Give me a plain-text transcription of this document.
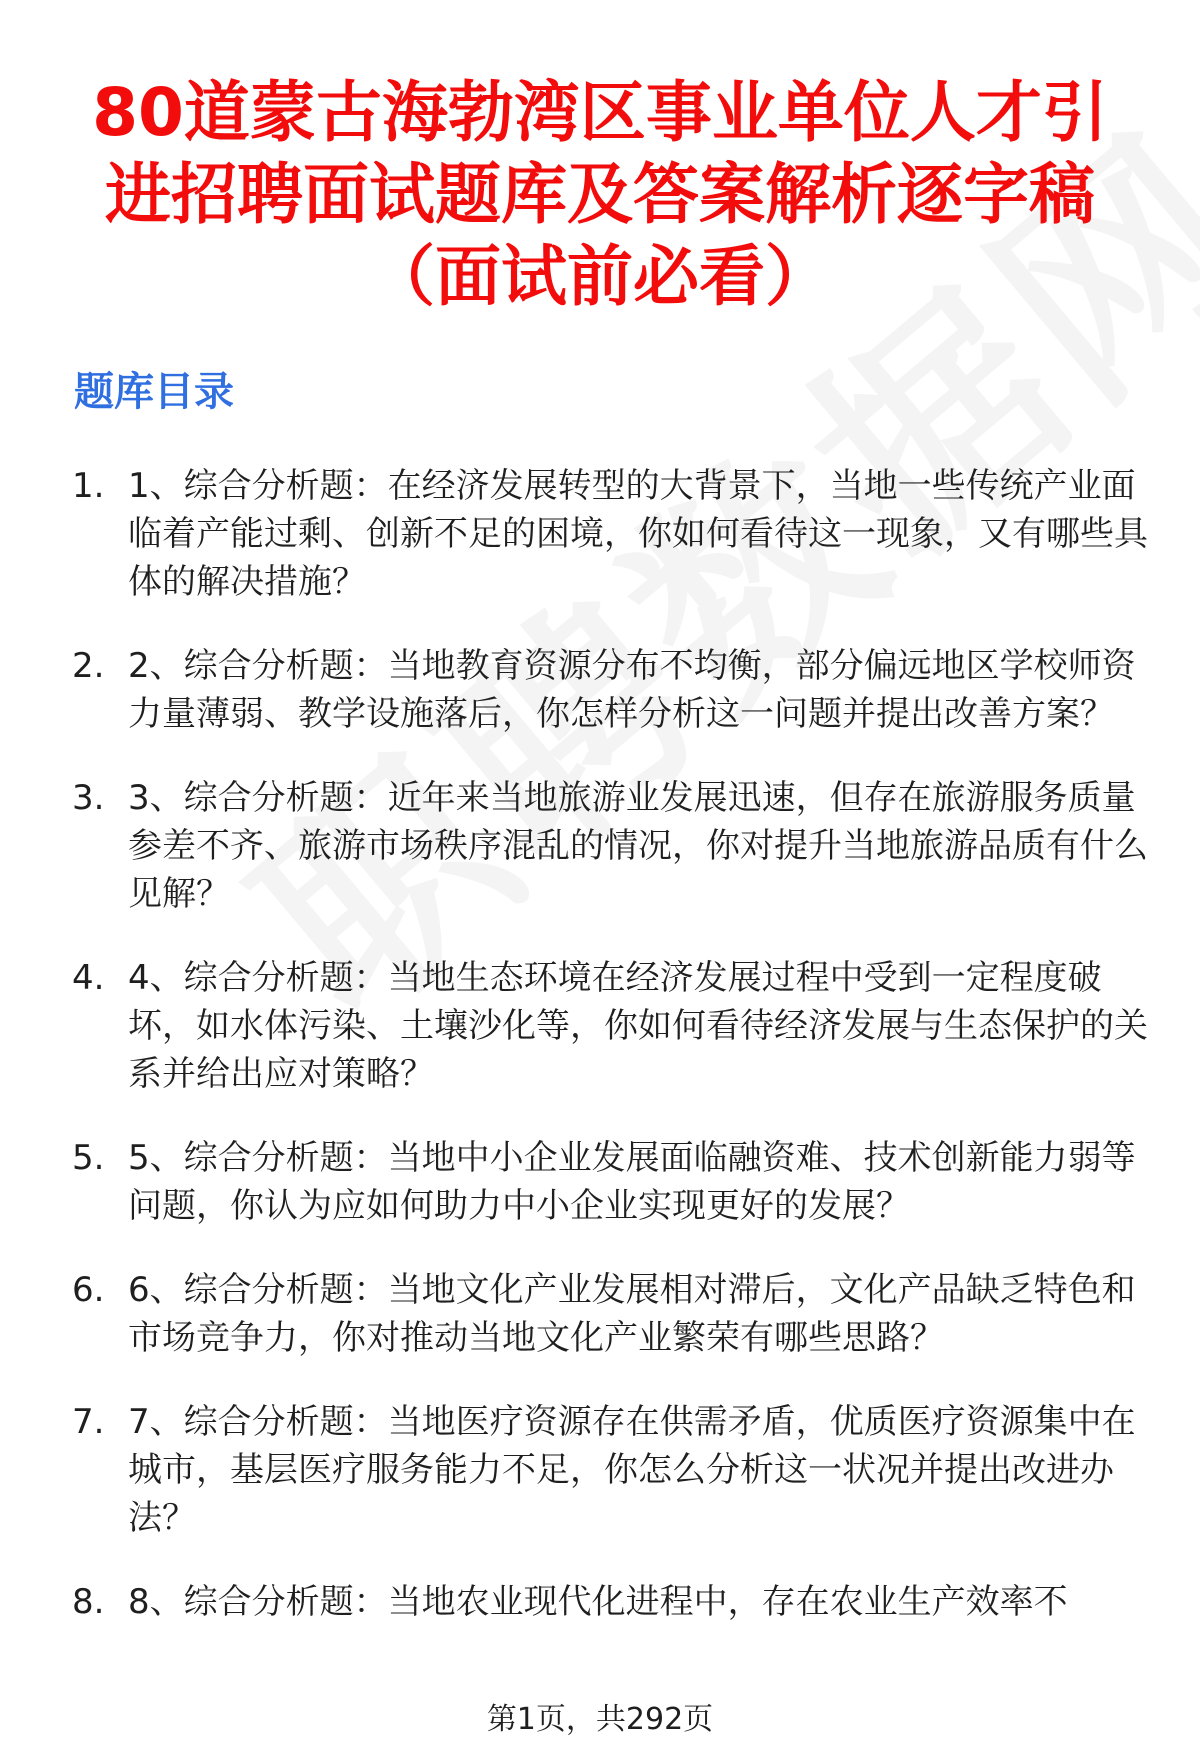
80道蒙古海勃湾区事业单位人才引进招聘面试题库及答案解析逐字稿（面试前必看）
题库目录
1. 1、综合分析题：在经济发展转型的大背景下，当地一些传统产业面临着产能过剩、创新不足的困境，你如何看待这一现象，又有哪些具体的解决措施？
2. 2、综合分析题：当地教育资源分布不均衡，部分偏远地区学校师资力量薄弱、教学设施落后，你怎样分析这一问题并提出改善方案？
3. 3、综合分析题：近年来当地旅游业发展迅速，但存在旅游服务质量参差不齐、旅游市场秩序混乱的情况，你对提升当地旅游品质有什么见解？
4. 4、综合分析题：当地生态环境在经济发展过程中受到一定程度破坏，如水体污染、土壤沙化等，你如何看待经济发展与生态保护的关系并给出应对策略？
5. 5、综合分析题：当地中小企业发展面临融资难、技术创新能力弱等问题，你认为应如何助力中小企业实现更好的发展？
6. 6、综合分析题：当地文化产业发展相对滞后，文化产品缺乏特色和市场竞争力，你对推动当地文化产业繁荣有哪些思路？
7. 7、综合分析题：当地医疗资源存在供需矛盾，优质医疗资源集中在城市，基层医疗服务能力不足，你怎么分析这一状况并提出改进办法？
8. 8、综合分析题：当地农业现代化进程中，存在农业生产效率不
第1页，共292页
